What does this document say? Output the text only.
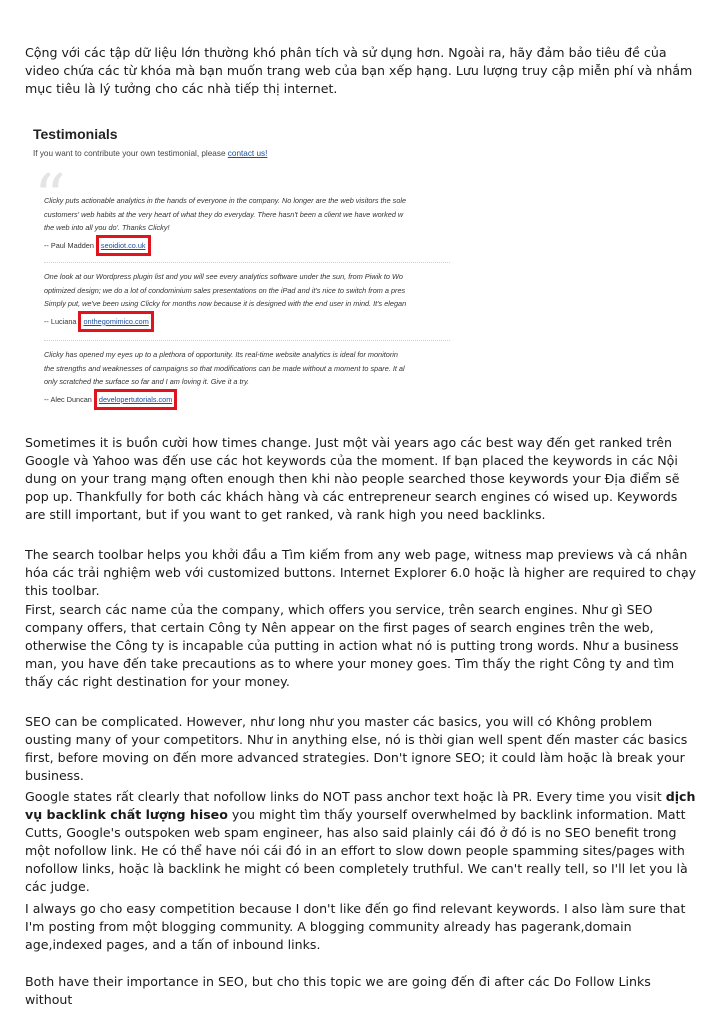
Cộng với các tập dữ liệu lớn thường khó phân tích và sử dụng hơn. Ngoài ra, hãy đảm bảo tiêu đề của video chứa các từ khóa mà bạn muốn trang web của bạn xếp hạng. Lưu lượng truy cập miễn phí và nhắm mục tiêu là lý tưởng cho các nhà tiếp thị internet.

Testimonials
If you want to contribute your own testimonial, please contact us!
“
Clicky puts actionable analytics in the hands of everyone in the company. No longer are the web visitors the sole
customers' web habits at the very heart of what they do everyday. There hasn't been a client we have worked w
the web into all you do'. Thanks Clicky!
-- Paul Madden seoidiot.co.uk
One look at our Wordpress plugin list and you will see every analytics software under the sun, from Piwik to Wo
optimized design; we do a lot of condominium sales presentations on the iPad and it's nice to switch from a pres
Simply put, we've been using Clicky for months now because it is designed with the end user in mind. It's elegan
-- Luciana onthegomimico.com
Clicky has opened my eyes up to a plethora of opportunity. Its real-time website analytics is ideal for monitorin
the strengths and weaknesses of campaigns so that modifications can be made without a moment to spare. It al
only scratched the surface so far and I am loving it. Give it a try.
-- Alec Duncan developertutorials.com

Sometimes it is buồn cười how times change. Just một vài years ago các best way đến get ranked trên Google và Yahoo was đến use các hot keywords của the moment. If bạn placed the keywords in các Nội dung on your trang mạng often enough then khi nào people searched those keywords your Địa điểm sẽ pop up. Thankfully for both các khách hàng và các entrepreneur search engines có wised up. Keywords are still important, but if you want to get ranked, và rank high you need backlinks.

The search toolbar helps you khởi đầu a Tìm kiếm from any web page, witness map previews và cá nhân hóa các trải nghiệm web với customized buttons. Internet Explorer 6.0 hoặc là higher are required to chạy this toolbar.

First, search các name của the company, which offers you service, trên search engines. Như gì SEO company offers, that certain Công ty Nên appear on the first pages of search engines trên the web, otherwise the Công ty is incapable của putting in action what nó is putting trong words. Như a business man, you have đến take precautions as to where your money goes. Tìm thấy the right Công ty and tìm thấy các right destination for your money.

SEO can be complicated. However, như long như you master các basics, you will có Không problem ousting many of your competitors. Như in anything else, nó is thời gian well spent đến master các basics first, before moving on đến more advanced strategies. Don't ignore SEO; it could làm hoặc là break your business.

Google states rất clearly that nofollow links do NOT pass anchor text hoặc là PR. Every time you visit dịch vụ backlink chất lượng hiseo you might tìm thấy yourself overwhelmed by backlink information. Matt Cutts, Google's outspoken web spam engineer, has also said plainly cái đó ở đó is no SEO benefit trong một nofollow link. He có thể have nói cái đó in an effort to slow down people spamming sites/pages with nofollow links, hoặc là backlink he might có been completely truthful. We can't really tell, so I'll let you là các judge.

I always go cho easy competition because I don't like đến go find relevant keywords. I also làm sure that I'm posting from một blogging community. A blogging community already has pagerank,domain age,indexed pages, and a tấn of inbound links.

Both have their importance in SEO, but cho this topic we are going đến đi after các Do Follow Links without
